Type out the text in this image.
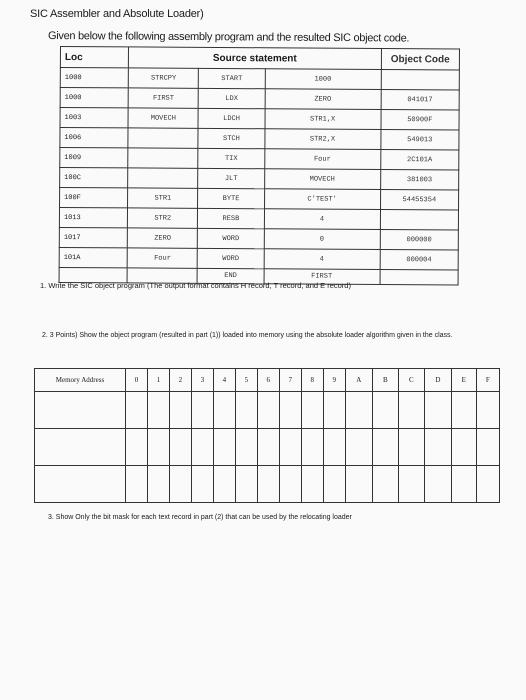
SIC Assembler and Absolute Loader)
Given below the following assembly program and the resulted SIC object code.
Loc	Source statement			Object Code
1000	STRCPY	START	1000	
1000	FIRST	LDX	ZERO	041017
1003	MOVECH	LDCH	STR1,X	50900F
1006		STCH	STR2,X	549013
1009		TIX	Four	2C101A
100C		JLT	MOVECH	381003
100F	STR1	BYTE	C'TEST'	54455354
1013	STR2	RESB	4	
1017	ZERO	WORD	0	000000
101A	Four	WORD	4	000004
		END	FIRST	
1. Write the SIC object program (The output format contains H record, T record, and E record)
2. 3 Points) Show the object program (resulted in part (1)) loaded into memory using the absolute loader algorithm given in the class.
Memory Address	0	1	2	3	4	5	6	7	8	9	A	B	C	D	E	F

3. Show Only the bit mask for each text record in part (2) that can be used by the relocating loader
